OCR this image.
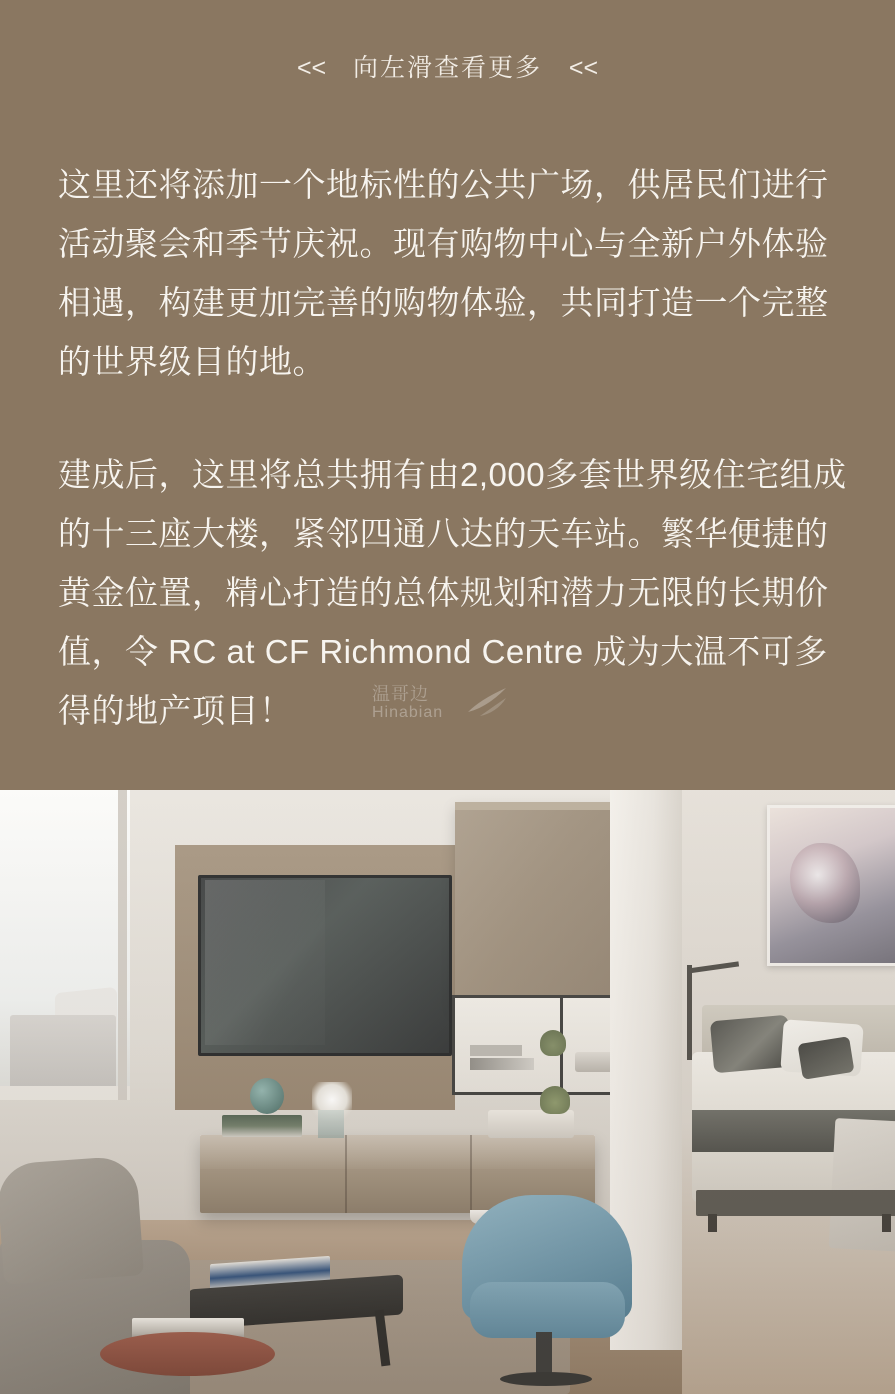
<< 向左滑查看更多 <<

这里还将添加一个地标性的公共广场，供居民们进行活动聚会和季节庆祝。现有购物中心与全新户外体验相遇，构建更加完善的购物体验，共同打造一个完整的世界级目的地。

建成后，这里将总共拥有由2,000多套世界级住宅组成的十三座大楼，紧邻四通八达的天车站。繁华便捷的黄金位置，精心打造的总体规划和潜力无限的长期价值，令 RC at CF Richmond Centre 成为大温不可多得的地产项目！	温哥边
Hinabian
